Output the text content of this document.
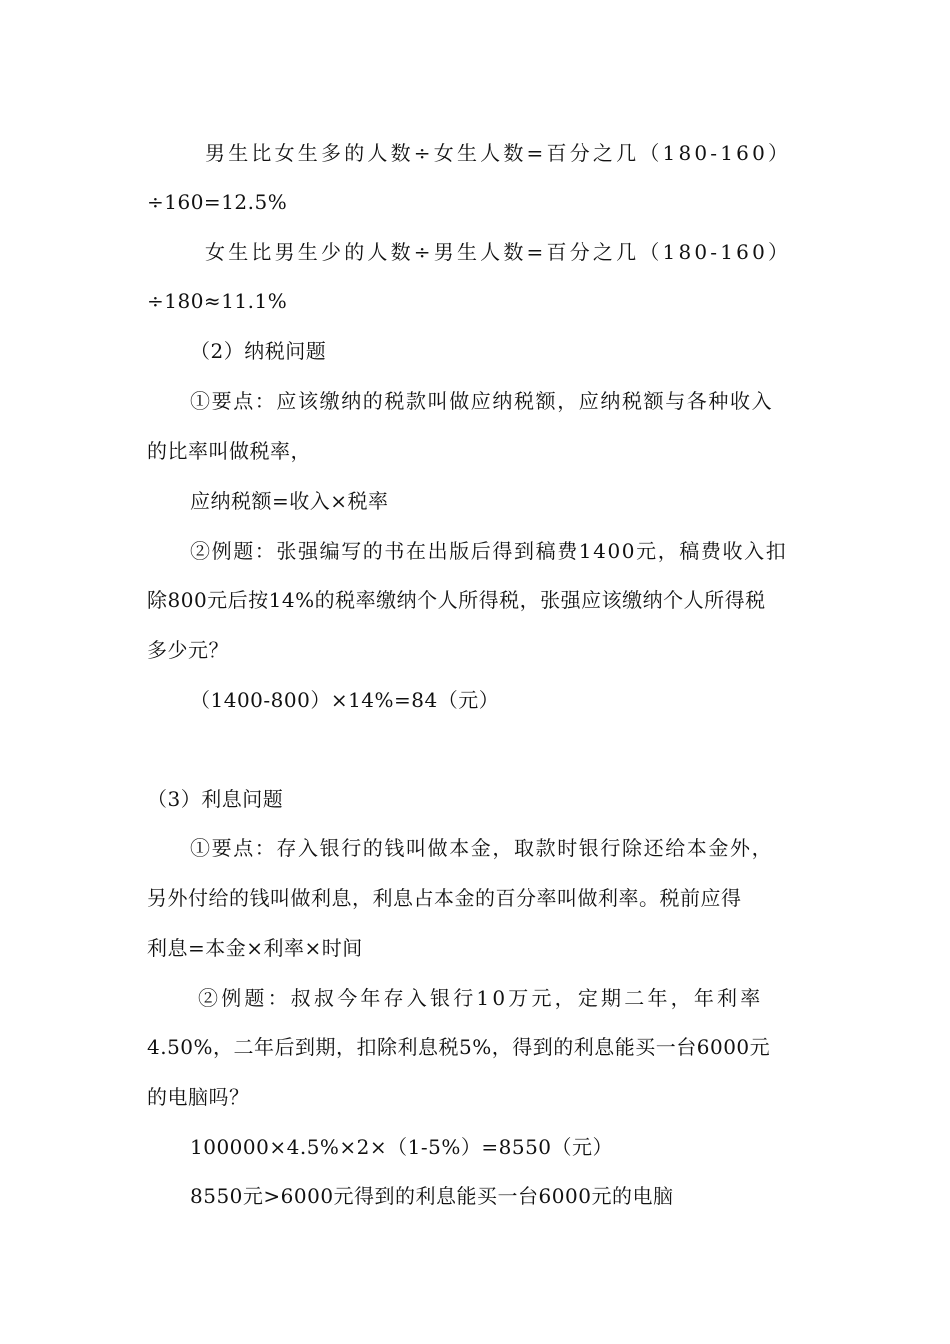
男生比女生多的人数÷女生人数=百分之几（180-160）
÷160=12.5%
女生比男生少的人数÷男生人数=百分之几（180-160）
÷180≈11.1%
（2）纳税问题
①要点：应该缴纳的税款叫做应纳税额，应纳税额与各种收入
的比率叫做税率，
应纳税额=收入×税率
②例题：张强编写的书在出版后得到稿费1400元，稿费收入扣
除800元后按14%的税率缴纳个人所得税，张强应该缴纳个人所得税
多少元？
（1400-800）×14%=84（元）
（3）利息问题
①要点：存入银行的钱叫做本金，取款时银行除还给本金外，
另外付给的钱叫做利息，利息占本金的百分率叫做利率。税前应得
利息=本金×利率×时间
②例题：叔叔今年存入银行10万元，定期二年，年利率
4.50%，二年后到期，扣除利息税5%，得到的利息能买一台6000元
的电脑吗？
100000×4.5%×2×（1-5%）=8550（元）
8550元>6000元得到的利息能买一台6000元的电脑
